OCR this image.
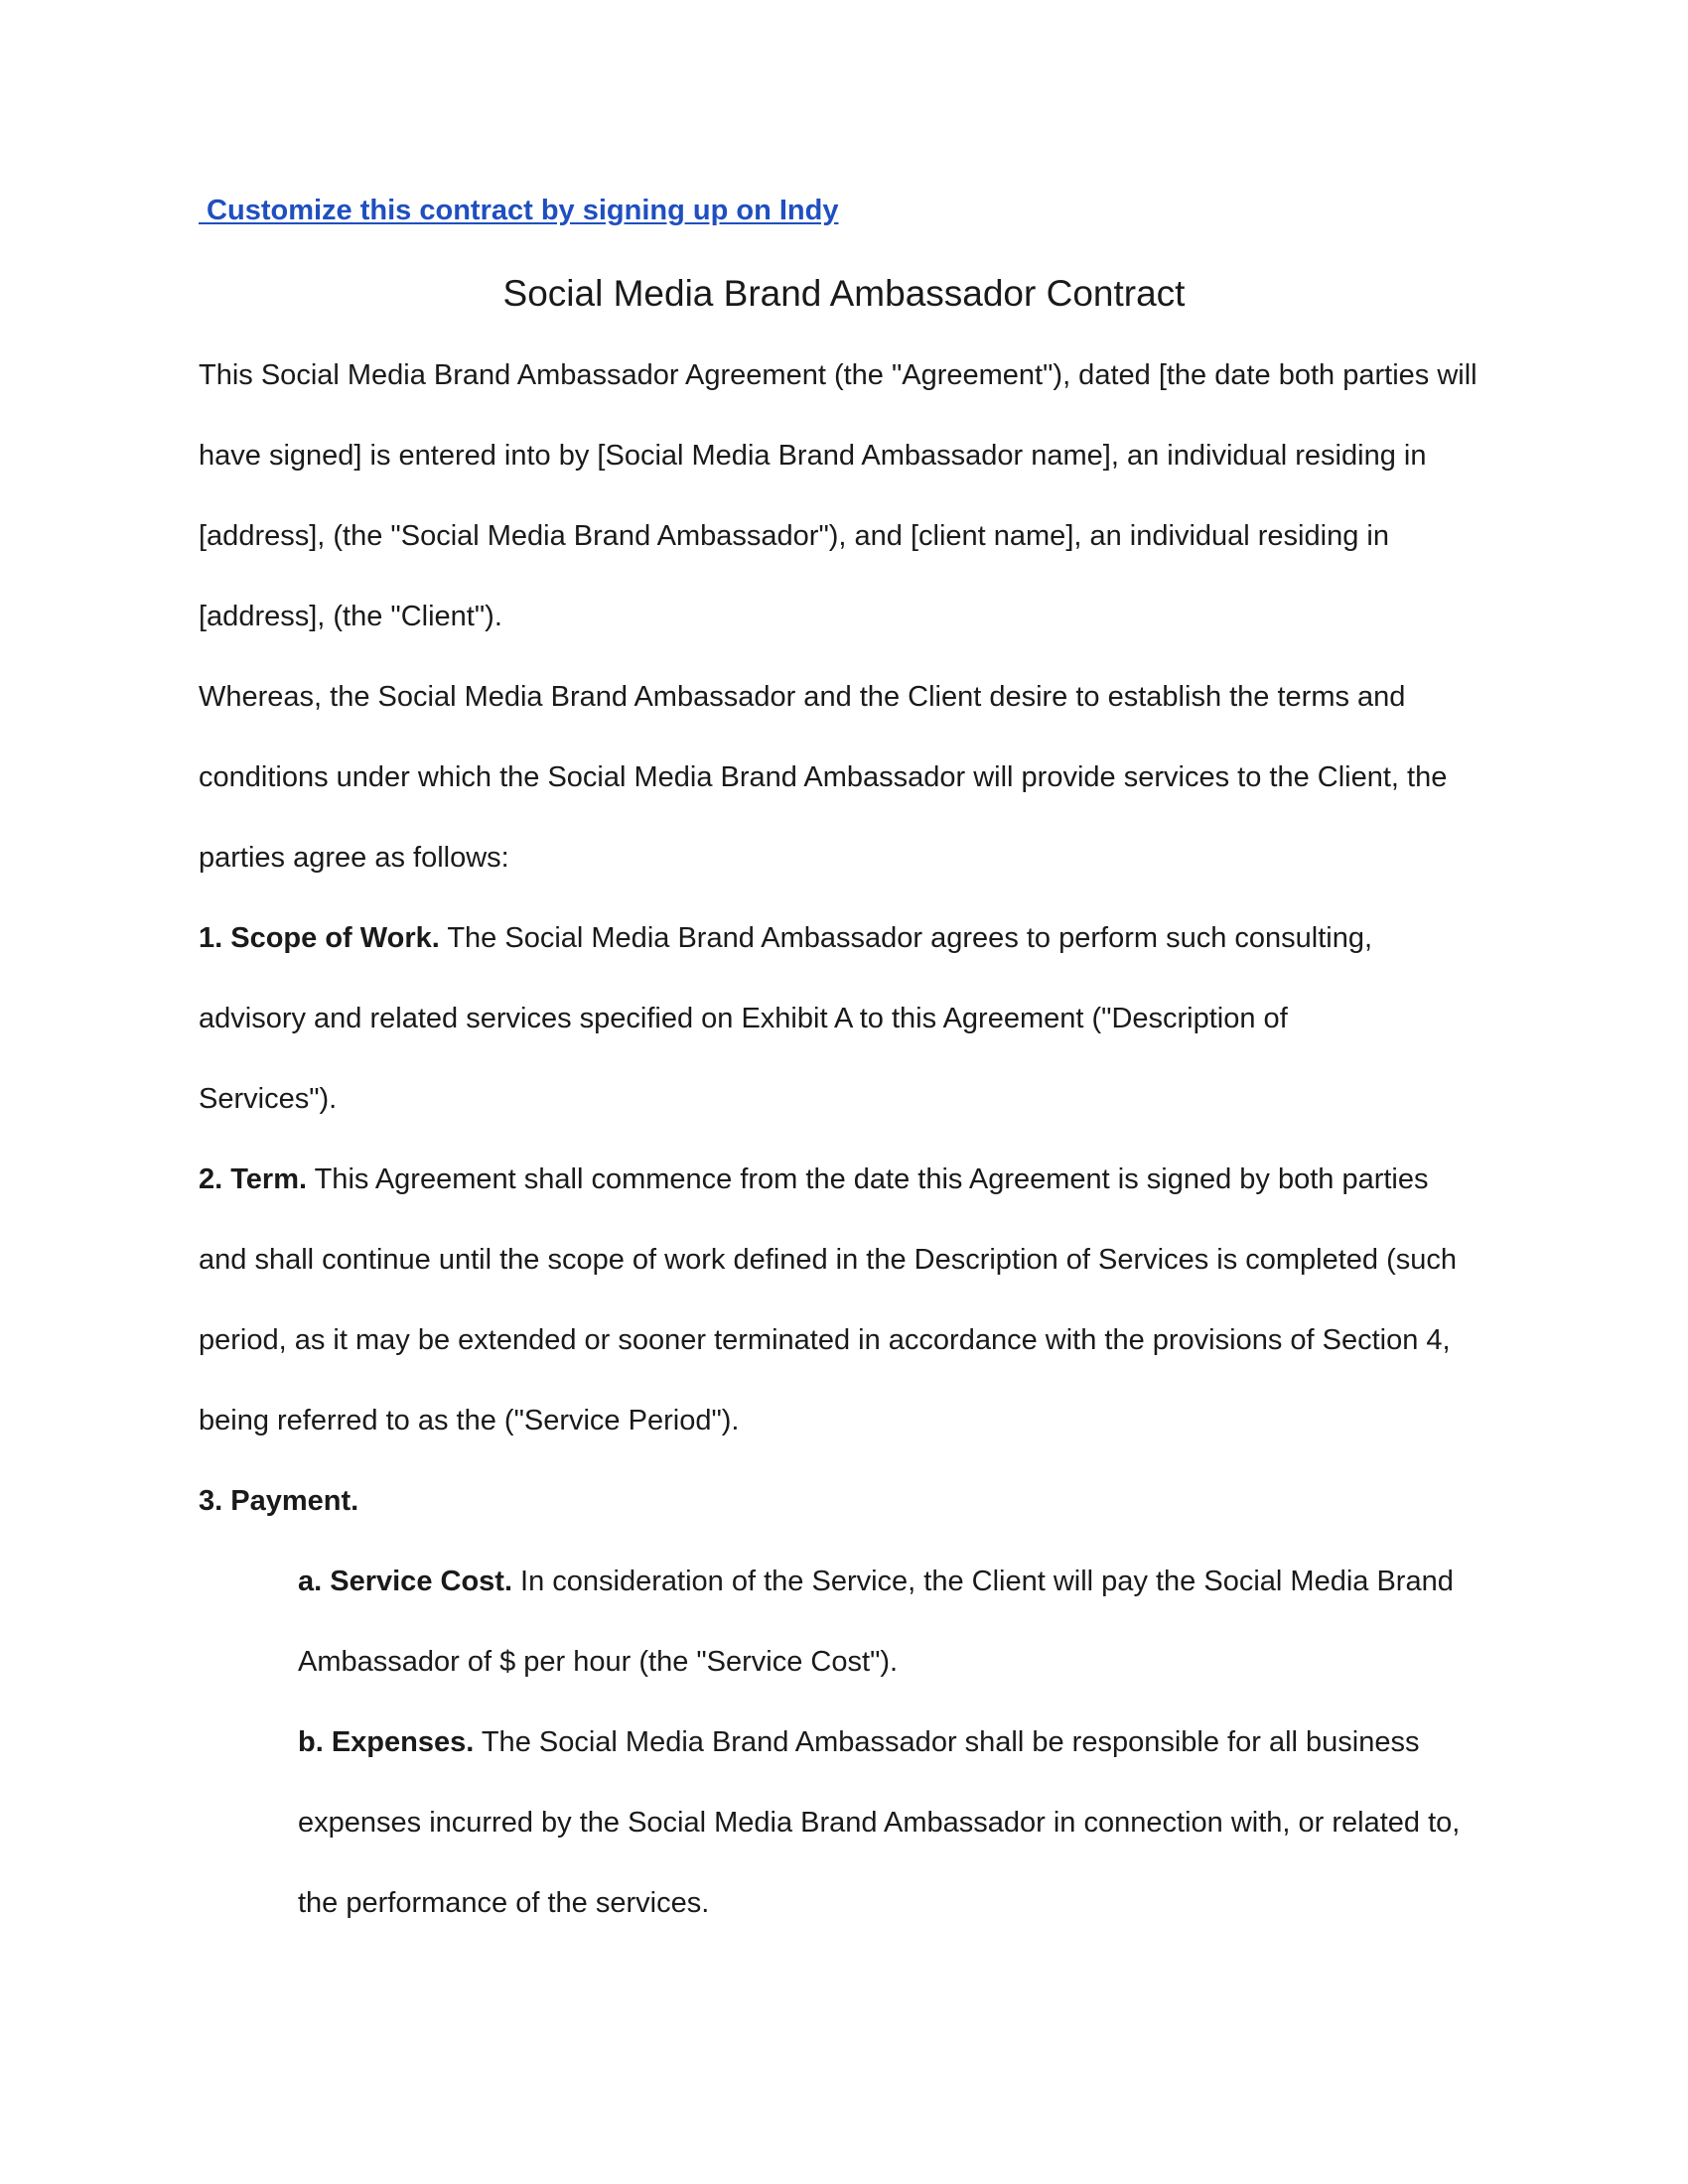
Customize this contract by signing up on Indy
Social Media Brand Ambassador Contract
This Social Media Brand Ambassador Agreement (the "Agreement"), dated [the date both parties will
have signed] is entered into by [Social Media Brand Ambassador name], an individual residing in
[address], (the "Social Media Brand Ambassador"), and [client name], an individual residing in
[address], (the "Client").
Whereas, the Social Media Brand Ambassador and the Client desire to establish the terms and
conditions under which the Social Media Brand Ambassador will provide services to the Client, the
parties agree as follows:
1. Scope of Work. The Social Media Brand Ambassador agrees to perform such consulting,
advisory and related services specified on Exhibit A to this Agreement ("Description of
Services").
2. Term. This Agreement shall commence from the date this Agreement is signed by both parties
and shall continue until the scope of work defined in the Description of Services is completed (such
period, as it may be extended or sooner terminated in accordance with the provisions of Section 4,
being referred to as the ("Service Period").
3. Payment.
a. Service Cost. In consideration of the Service, the Client will pay the Social Media Brand
Ambassador of $ per hour (the "Service Cost").
b. Expenses. The Social Media Brand Ambassador shall be responsible for all business
expenses incurred by the Social Media Brand Ambassador in connection with, or related to,
the performance of the services.
